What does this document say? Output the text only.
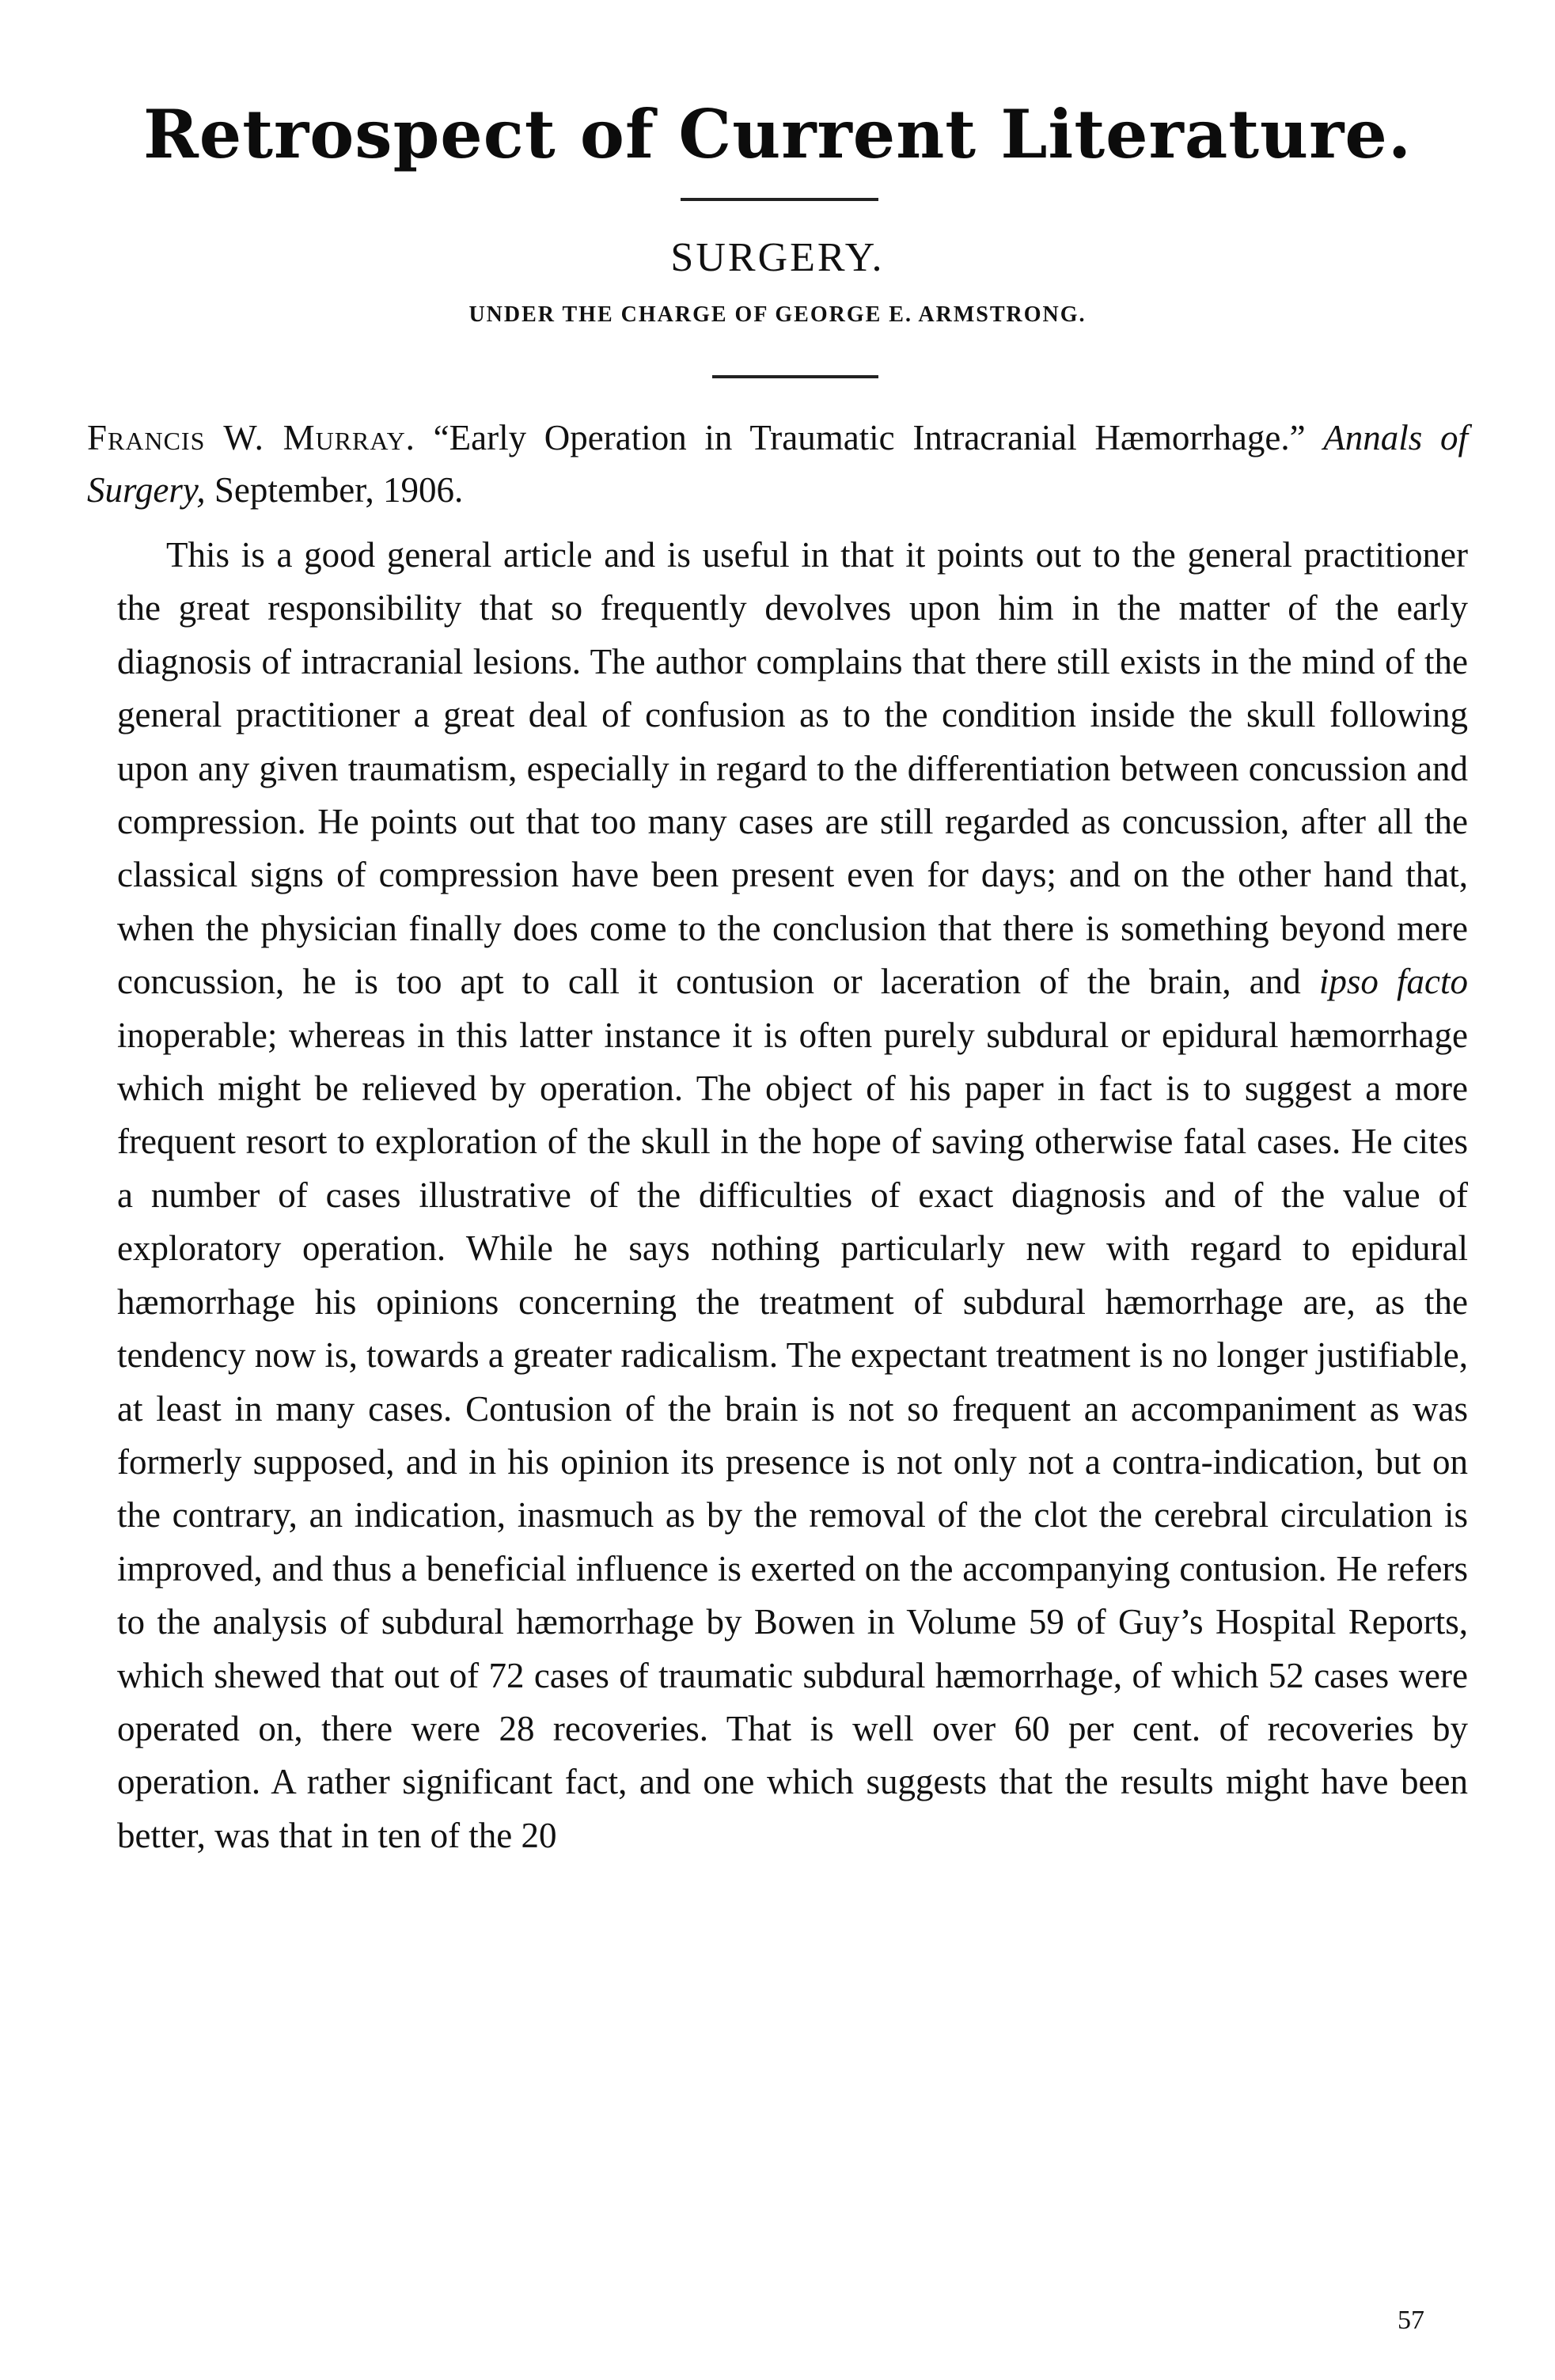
Retrospect of Current Literature.
SURGERY.
UNDER THE CHARGE OF GEORGE E. ARMSTRONG.

Francis W. Murray. “Early Operation in Traumatic Intracranial Hæmorrhage.” Annals of Surgery, September, 1906.

This is a good general article and is useful in that it points out to the general practitioner the great responsibility that so frequently devolves upon him in the matter of the early diagnosis of intracranial lesions. The author complains that there still exists in the mind of the general practitioner a great deal of confusion as to the condition inside the skull following upon any given traumatism, especially in regard to the differentiation between concussion and compression. He points out that too many cases are still regarded as concussion, after all the classical signs of compression have been present even for days; and on the other hand that, when the physician finally does come to the conclusion that there is something beyond mere concussion, he is too apt to call it contusion or laceration of the brain, and ipso facto inoperable; whereas in this latter instance it is often purely subdural or epidural hæmorrhage which might be relieved by operation. The object of his paper in fact is to suggest a more frequent resort to exploration of the skull in the hope of saving otherwise fatal cases. He cites a number of cases illustrative of the difficulties of exact diagnosis and of the value of exploratory operation. While he says nothing particularly new with regard to epidural hæmorrhage his opinions concerning the treatment of subdural hæmorrhage are, as the tendency now is, towards a greater radicalism. The expectant treatment is no longer justifiable, at least in many cases. Contusion of the brain is not so frequent an accompaniment as was formerly supposed, and in his opinion its presence is not only not a contra-indication, but on the contrary, an indication, inasmuch as by the removal of the clot the cerebral circulation is improved, and thus a beneficial influence is exerted on the accompanying contusion. He refers to the analysis of subdural hæmorrhage by Bowen in Volume 59 of Guy’s Hospital Reports, which shewed that out of 72 cases of traumatic subdural hæmorrhage, of which 52 cases were operated on, there were 28 recoveries. That is well over 60 per cent. of recoveries by operation. A rather significant fact, and one which suggests that the results might have been better, was that in ten of the 20

57
